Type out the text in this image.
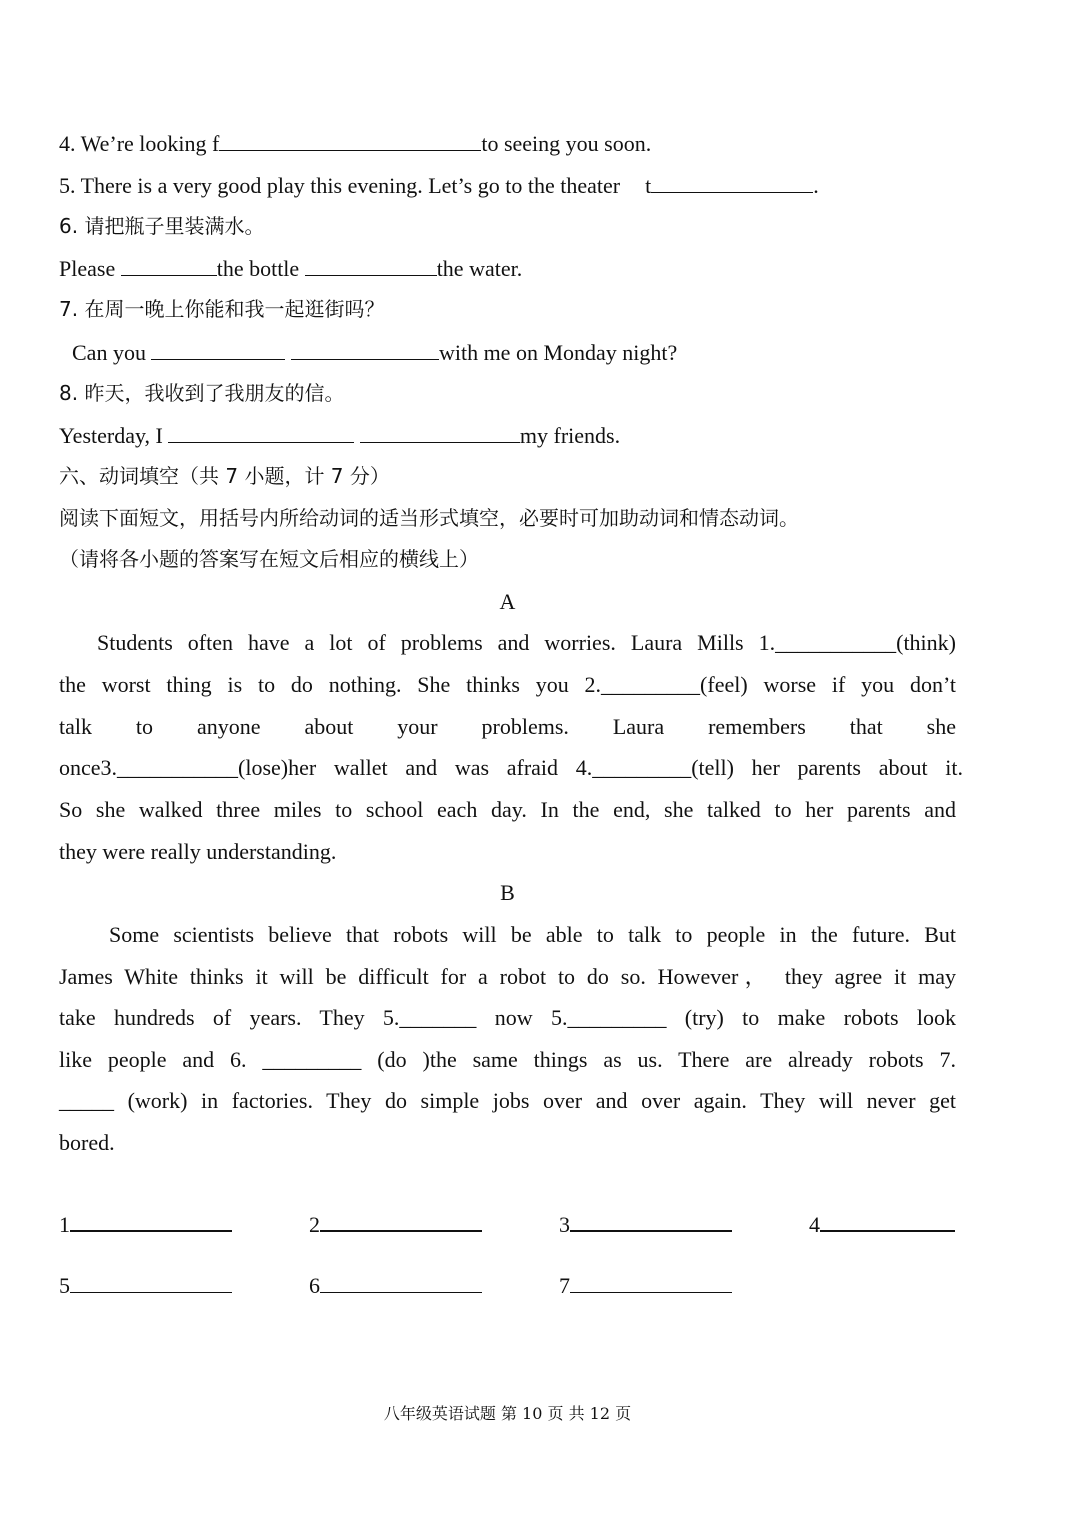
4. We’re looking f	to seeing you soon.

5. There is a very good play this evening. Let’s go to the theater t	.

6. 请把瓶子里装满水。

Please	the bottle	the water.

7. 在周一晚上你能和我一起逛街吗？

Can you	with me on Monday night?

8. 昨天，我收到了我朋友的信。

Yesterday, I	my friends.

六、动词填空（共 7 小题，计 7 分）

阅读下面短文，用括号内所给动词的适当形式填空，必要时可加助动词和情态动词。

（请将各小题的答案写在短文后相应的横线上）

A

Students often have a lot of problems and worries. Laura Mills 1.___________(think)

the worst thing is to do nothing. She thinks you 2._________(feel) worse if you don’t

talk to anyone about your problems. Laura remembers that she

once3.___________(lose)her wallet and was afraid 4._________(tell) her parents about it.

So she walked three miles to school each day. In the end, she talked to her parents and

they were really understanding.

B

Some scientists believe that robots will be able to talk to people in the future. But

James White thinks it will be difficult for a robot to do so. However， they agree it may

take hundreds of years. They 5._______ now 5._________ (try) to make robots look

like people and 6. _________ (do )the same things as us. There are already robots 7.

_____ (work) in factories. They do simple jobs over and over again. They will never get

bored.

1	2	3	4
5	6	7
八年级英语试题 第 10 页 共 12 页
